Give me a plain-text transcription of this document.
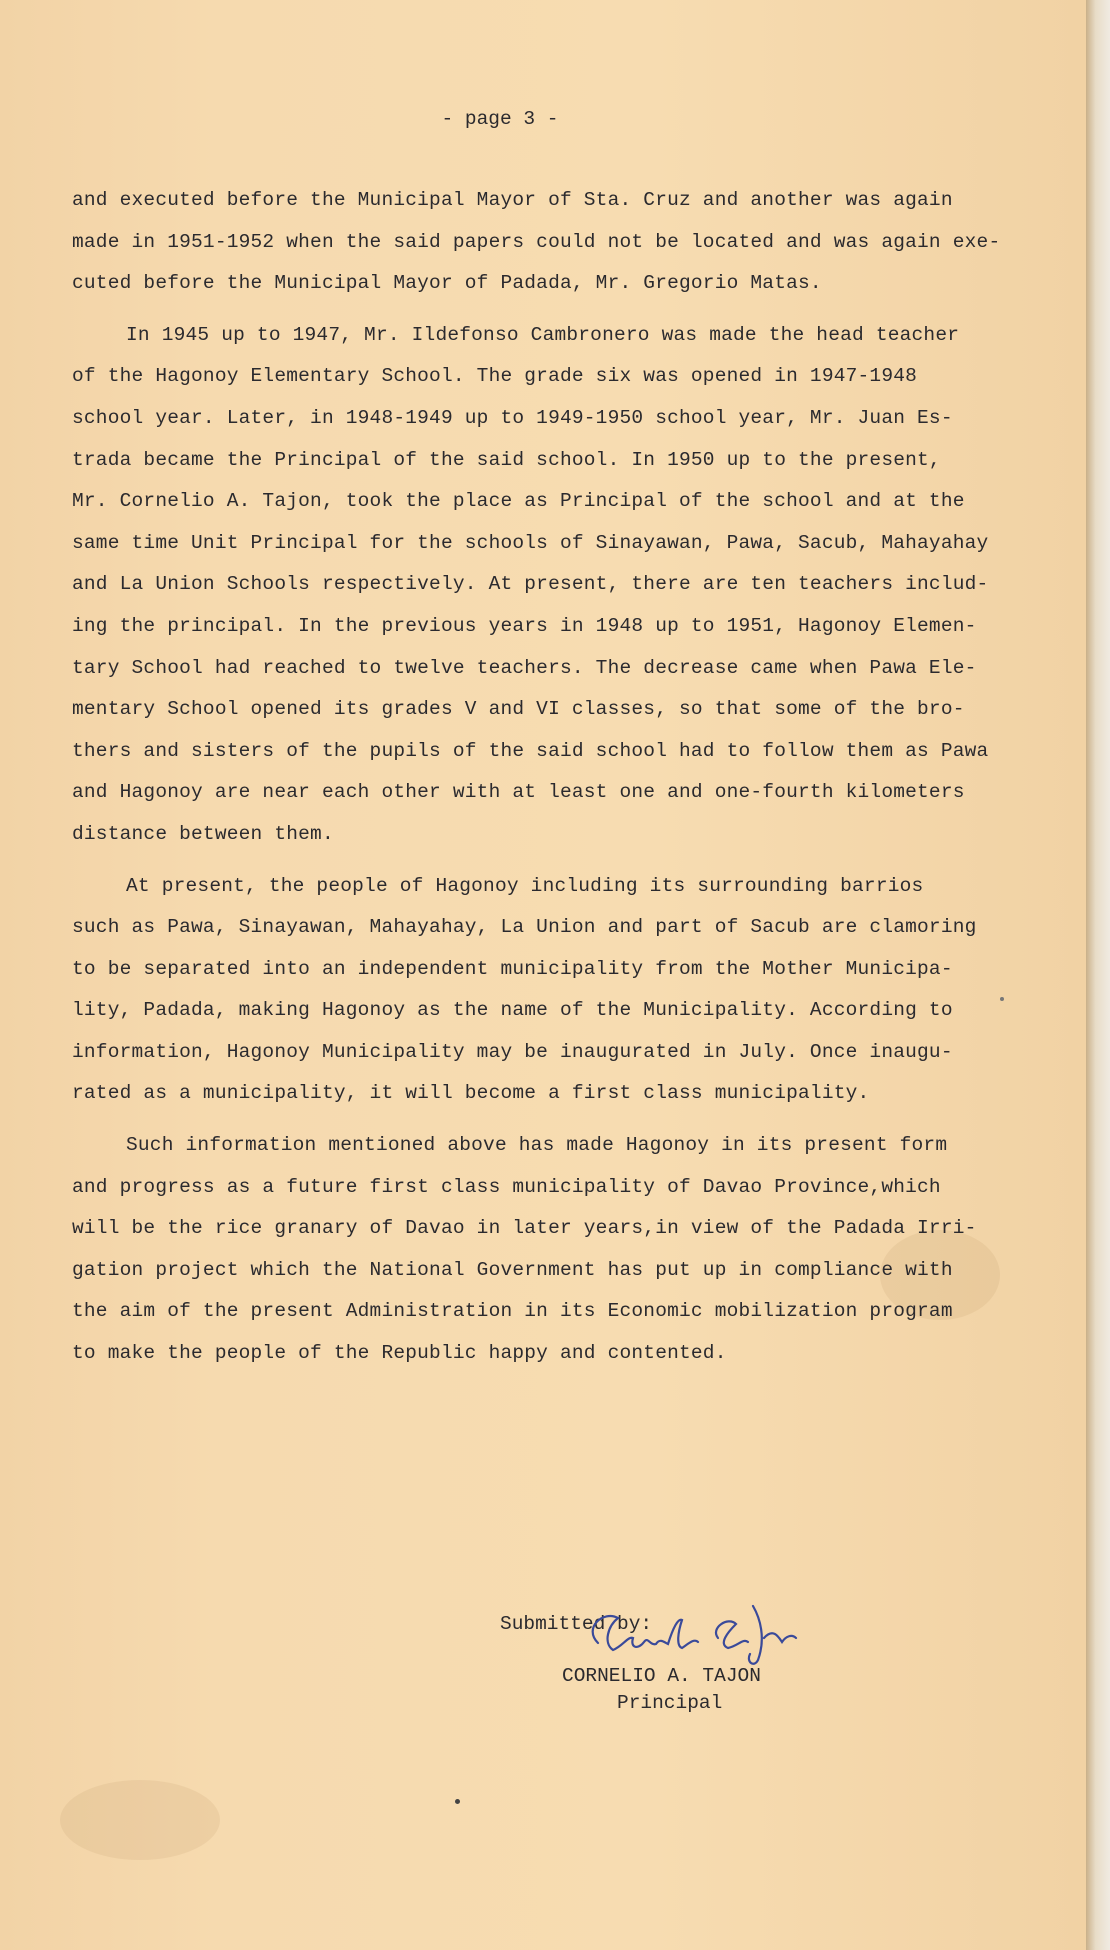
- page 3 -
and executed before the Municipal Mayor of Sta. Cruz and another was again
made in 1951-1952 when the said papers could not be located and was again exe-
cuted before the Municipal Mayor of Padada, Mr. Gregorio Matas.
In 1945 up to 1947, Mr. Ildefonso Cambronero was made the head teacher
of the Hagonoy Elementary School. The grade six was opened in 1947-1948
school year. Later, in 1948-1949 up to 1949-1950 school year, Mr. Juan Es-
trada became the Principal of the said school. In 1950 up to the present,
Mr. Cornelio A. Tajon, took the place as Principal of the school and at the
same time Unit Principal for the schools of Sinayawan, Pawa, Sacub, Mahayahay
and La Union Schools respectively. At present, there are ten teachers includ-
ing the principal. In the previous years in 1948 up to 1951, Hagonoy Elemen-
tary School had reached to twelve teachers. The decrease came when Pawa Ele-
mentary School opened its grades V and VI classes, so that some of the bro-
thers and sisters of the pupils of the said school had to follow them as Pawa
and Hagonoy are near each other with at least one and one-fourth kilometers
distance between them.
At present, the people of Hagonoy including its surrounding barrios
such as Pawa, Sinayawan, Mahayahay, La Union and part of Sacub are clamoring
to be separated into an independent municipality from the Mother Municipa-
lity, Padada, making Hagonoy as the name of the Municipality. According to
information, Hagonoy Municipality may be inaugurated in July. Once inaugu-
rated as a municipality, it will become a first class municipality.
Such information mentioned above has made Hagonoy in its present form
and progress as a future first class municipality of Davao Province,which
will be the rice granary of Davao in later years,in view of the Padada Irri-
gation project which the National Government has put up in compliance with
the aim of the present Administration in its Economic mobilization program
to make the people of the Republic happy and contented.
Submitted by:
CORNELIO A. TAJON
Principal
